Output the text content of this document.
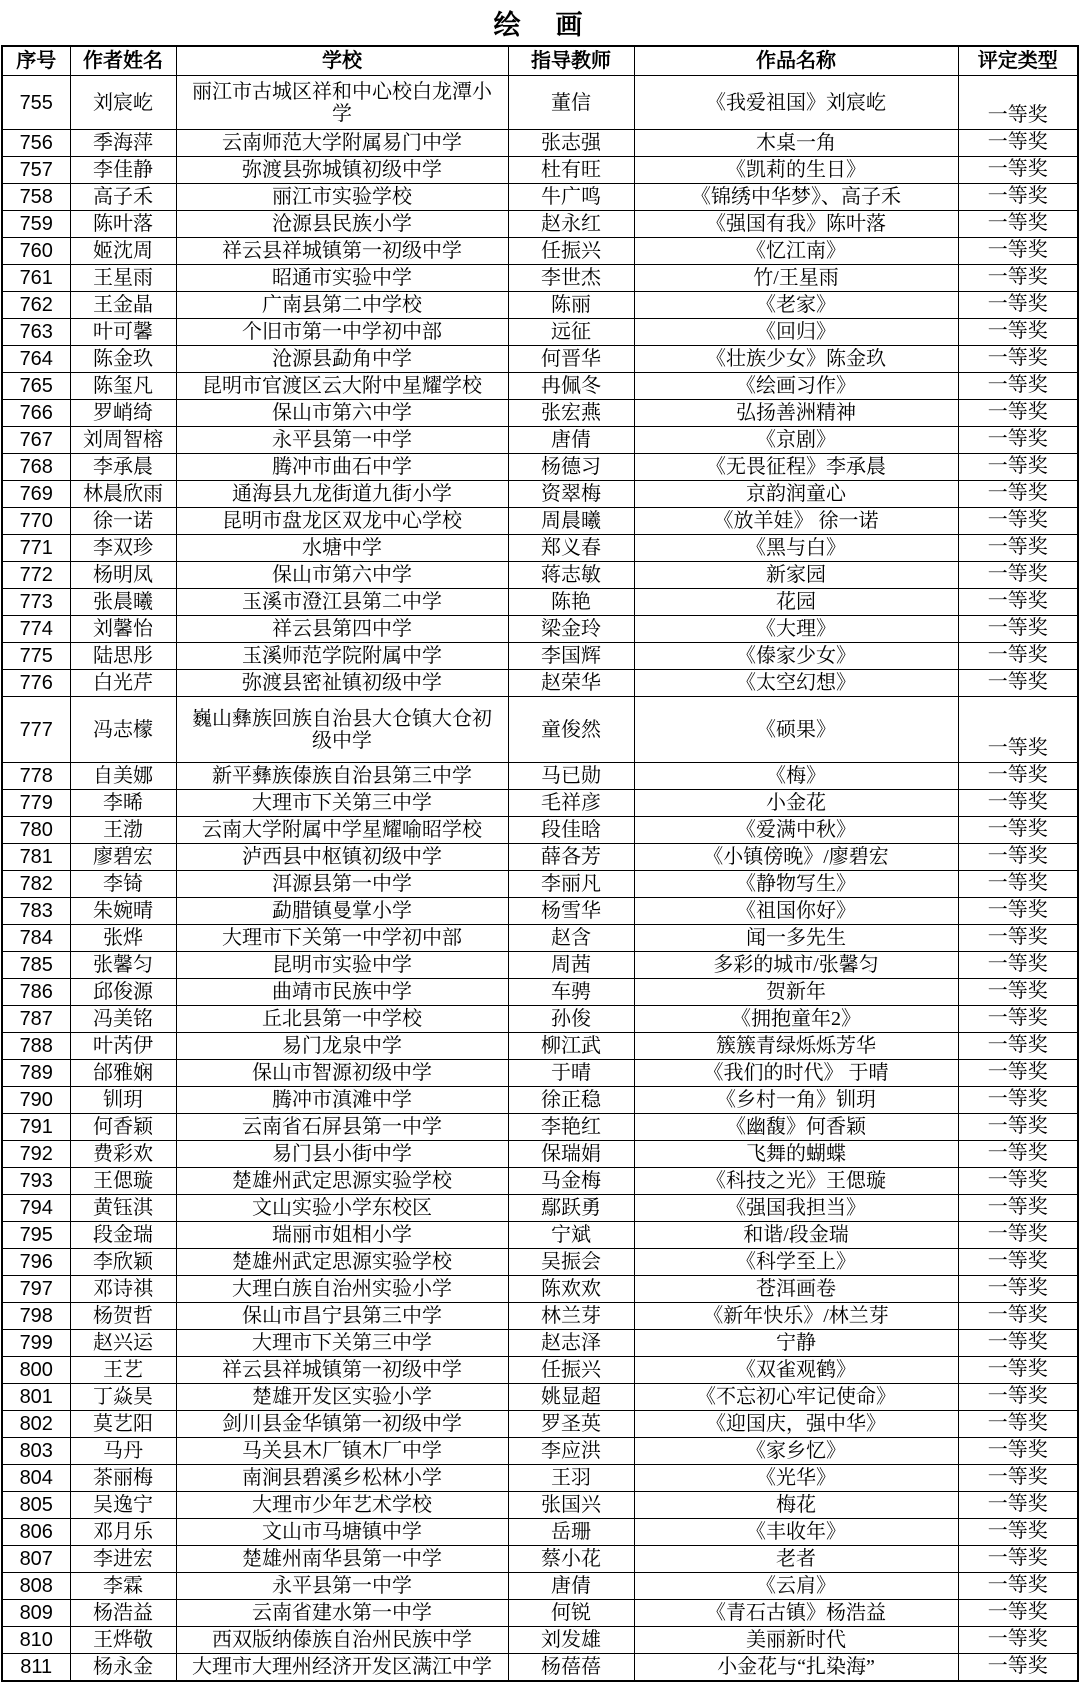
绘　画
序号	作者姓名	学校	指导教师	作品名称	评定类型
755	刘宸屹	丽江市古城区祥和中心校白龙潭小学	董信	《我爱祖国》刘宸屹	一等奖
756	季海萍	云南师范大学附属易门中学	张志强	木桌一角	一等奖
757	李佳静	弥渡县弥城镇初级中学	杜有旺	《凯莉的生日》	一等奖
758	高子禾	丽江市实验学校	牛广鸣	《锦绣中华梦》、高子禾	一等奖
759	陈叶落	沧源县民族小学	赵永红	《强国有我》陈叶落	一等奖
760	姬沈周	祥云县祥城镇第一初级中学	任振兴	《忆江南》	一等奖
761	王星雨	昭通市实验中学	李世杰	竹/王星雨	一等奖
762	王金晶	广南县第二中学校	陈丽	《老家》	一等奖
763	叶可馨	个旧市第一中学初中部	远征	《回归》	一等奖
764	陈金玖	沧源县勐角中学	何晋华	《壮族少女》陈金玖	一等奖
765	陈玺凡	昆明市官渡区云大附中星耀学校	冉佩冬	《绘画习作》	一等奖
766	罗峭绮	保山市第六中学	张宏燕	弘扬善洲精神	一等奖
767	刘周智榕	永平县第一中学	唐倩	《京剧》	一等奖
768	李承晨	腾冲市曲石中学	杨德习	《无畏征程》李承晨	一等奖
769	林晨欣雨	通海县九龙街道九街小学	资翠梅	京韵润童心	一等奖
770	徐一诺	昆明市盘龙区双龙中心学校	周晨曦	《放羊娃》 徐一诺	一等奖
771	李双珍	水塘中学	郑义春	《黑与白》	一等奖
772	杨明凤	保山市第六中学	蒋志敏	新家园	一等奖
773	张晨曦	玉溪市澄江县第二中学	陈艳	花园	一等奖
774	刘馨怡	祥云县第四中学	梁金玲	《大理》	一等奖
775	陆思彤	玉溪师范学院附属中学	李国辉	《傣家少女》	一等奖
776	白光芹	弥渡县密祉镇初级中学	赵荣华	《太空幻想》	一等奖
777	冯志檬	巍山彝族回族自治县大仓镇大仓初级中学	童俊然	《硕果》	一等奖
778	自美娜	新平彝族傣族自治县第三中学	马已勋	《梅》	一等奖
779	李晞	大理市下关第三中学	毛祥彦	小金花	一等奖
780	王渤	云南大学附属中学星耀喻昭学校	段佳晗	《爱满中秋》	一等奖
781	廖碧宏	泸西县中枢镇初级中学	薛各芳	《小镇傍晚》/廖碧宏	一等奖
782	李锜	洱源县第一中学	李丽凡	《静物写生》	一等奖
783	朱婉晴	勐腊镇曼掌小学	杨雪华	《祖国你好》	一等奖
784	张烨	大理市下关第一中学初中部	赵含	闻一多先生	一等奖
785	张馨匀	昆明市实验中学	周茜	多彩的城市/张馨匀	一等奖
786	邱俊源	曲靖市民族中学	车骋	贺新年	一等奖
787	冯美铭	丘北县第一中学校	孙俊	《拥抱童年2》	一等奖
788	叶芮伊	易门龙泉中学	柳江武	簇簇青绿烁烁芳华	一等奖
789	邰雅娴	保山市智源初级中学	于晴	《我们的时代》 于晴	一等奖
790	钏玥	腾冲市滇滩中学	徐正稳	《乡村一角》钏玥	一等奖
791	何香颖	云南省石屏县第一中学	李艳红	《幽馥》何香颖	一等奖
792	费彩欢	易门县小街中学	保瑞娟	飞舞的蝴蝶	一等奖
793	王偲璇	楚雄州武定思源实验学校	马金梅	《科技之光》王偲璇	一等奖
794	黄钰淇	文山实验小学东校区	鄢跃勇	《强国我担当》	一等奖
795	段金瑞	瑞丽市姐相小学	宁斌	和谐/段金瑞	一等奖
796	李欣颖	楚雄州武定思源实验学校	吴振会	《科学至上》	一等奖
797	邓诗祺	大理白族自治州实验小学	陈欢欢	苍洱画卷	一等奖
798	杨贺哲	保山市昌宁县第三中学	林兰芽	《新年快乐》/林兰芽	一等奖
799	赵兴运	大理市下关第三中学	赵志泽	宁静	一等奖
800	王艺	祥云县祥城镇第一初级中学	任振兴	《双雀观鹤》	一等奖
801	丁焱昊	楚雄开发区实验小学	姚显超	《不忘初心牢记使命》	一等奖
802	莫艺阳	剑川县金华镇第一初级中学	罗圣英	《迎国庆，强中华》	一等奖
803	马丹	马关县木厂镇木厂中学	李应洪	《家乡忆》	一等奖
804	茶丽梅	南涧县碧溪乡松林小学	王羽	《光华》	一等奖
805	吴逸宁	大理市少年艺术学校	张国兴	梅花	一等奖
806	邓月乐	文山市马塘镇中学	岳珊	《丰收年》	一等奖
807	李进宏	楚雄州南华县第一中学	蔡小花	老者	一等奖
808	李霖	永平县第一中学	唐倩	《云肩》	一等奖
809	杨浩益	云南省建水第一中学	何锐	《青石古镇》杨浩益	一等奖
810	王烨敬	西双版纳傣族自治州民族中学	刘发雄	美丽新时代	一等奖
811	杨永金	大理市大理州经济开发区满江中学	杨蓓蓓	小金花与“扎染海”	一等奖
